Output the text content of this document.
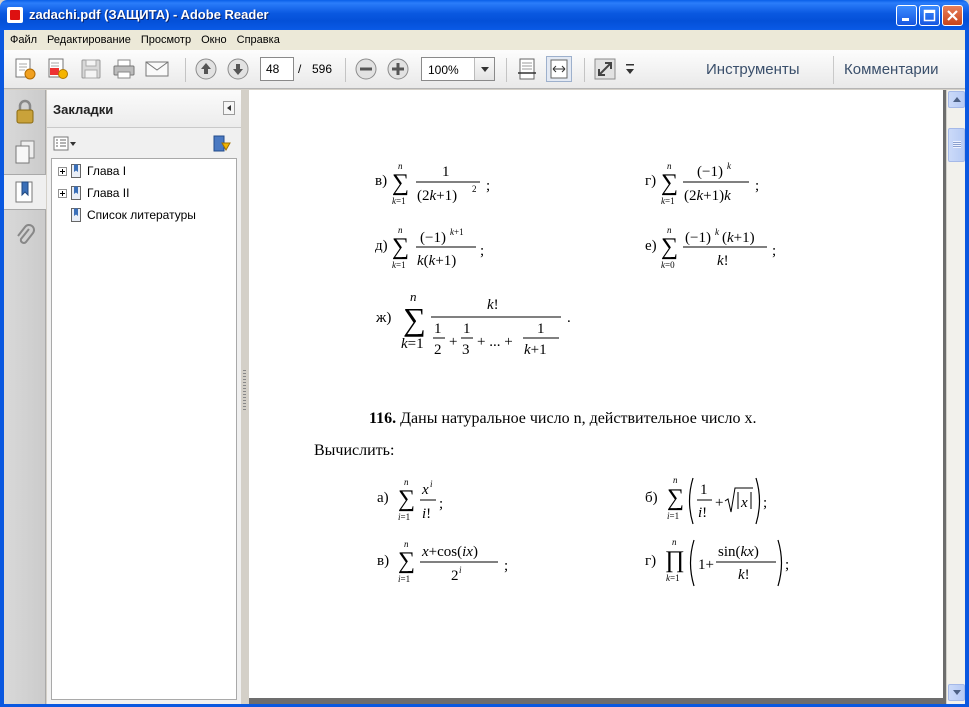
zadachi.pdf (ЗАЩИТА) - Adobe Reader
Файл Редактирование Просмотр Окно Справка
48	/ 596	100%	Инструменты	Комментарии
Закладки
Глава I
Глава II
Список литературы
в)
n
∑
k=1
1
(2k+1) 2 ;	г)
n
∑
k=1
(−1) k
(2k+1)k
;
д)
n
∑
k=1
(−1) k+1
k(k+1)
;	е)
n
∑
k=0
(−1) k (k+1)
k!
;
ж)
n
∑
k=1
k!
1
2 +
1
3 + ... +
1
k+1
.
116. Даны натуральное число n, действительное число x.
Вычислить:
а)
n
∑
i=1
x i
i!
;	б)
n
∑
i=1
1
i!
+ x ;
в)
n
∑
i=1
x+cos(ix)
2 i	;	г)
n
∏
k=1
1+
sin(kx)
k!
;
